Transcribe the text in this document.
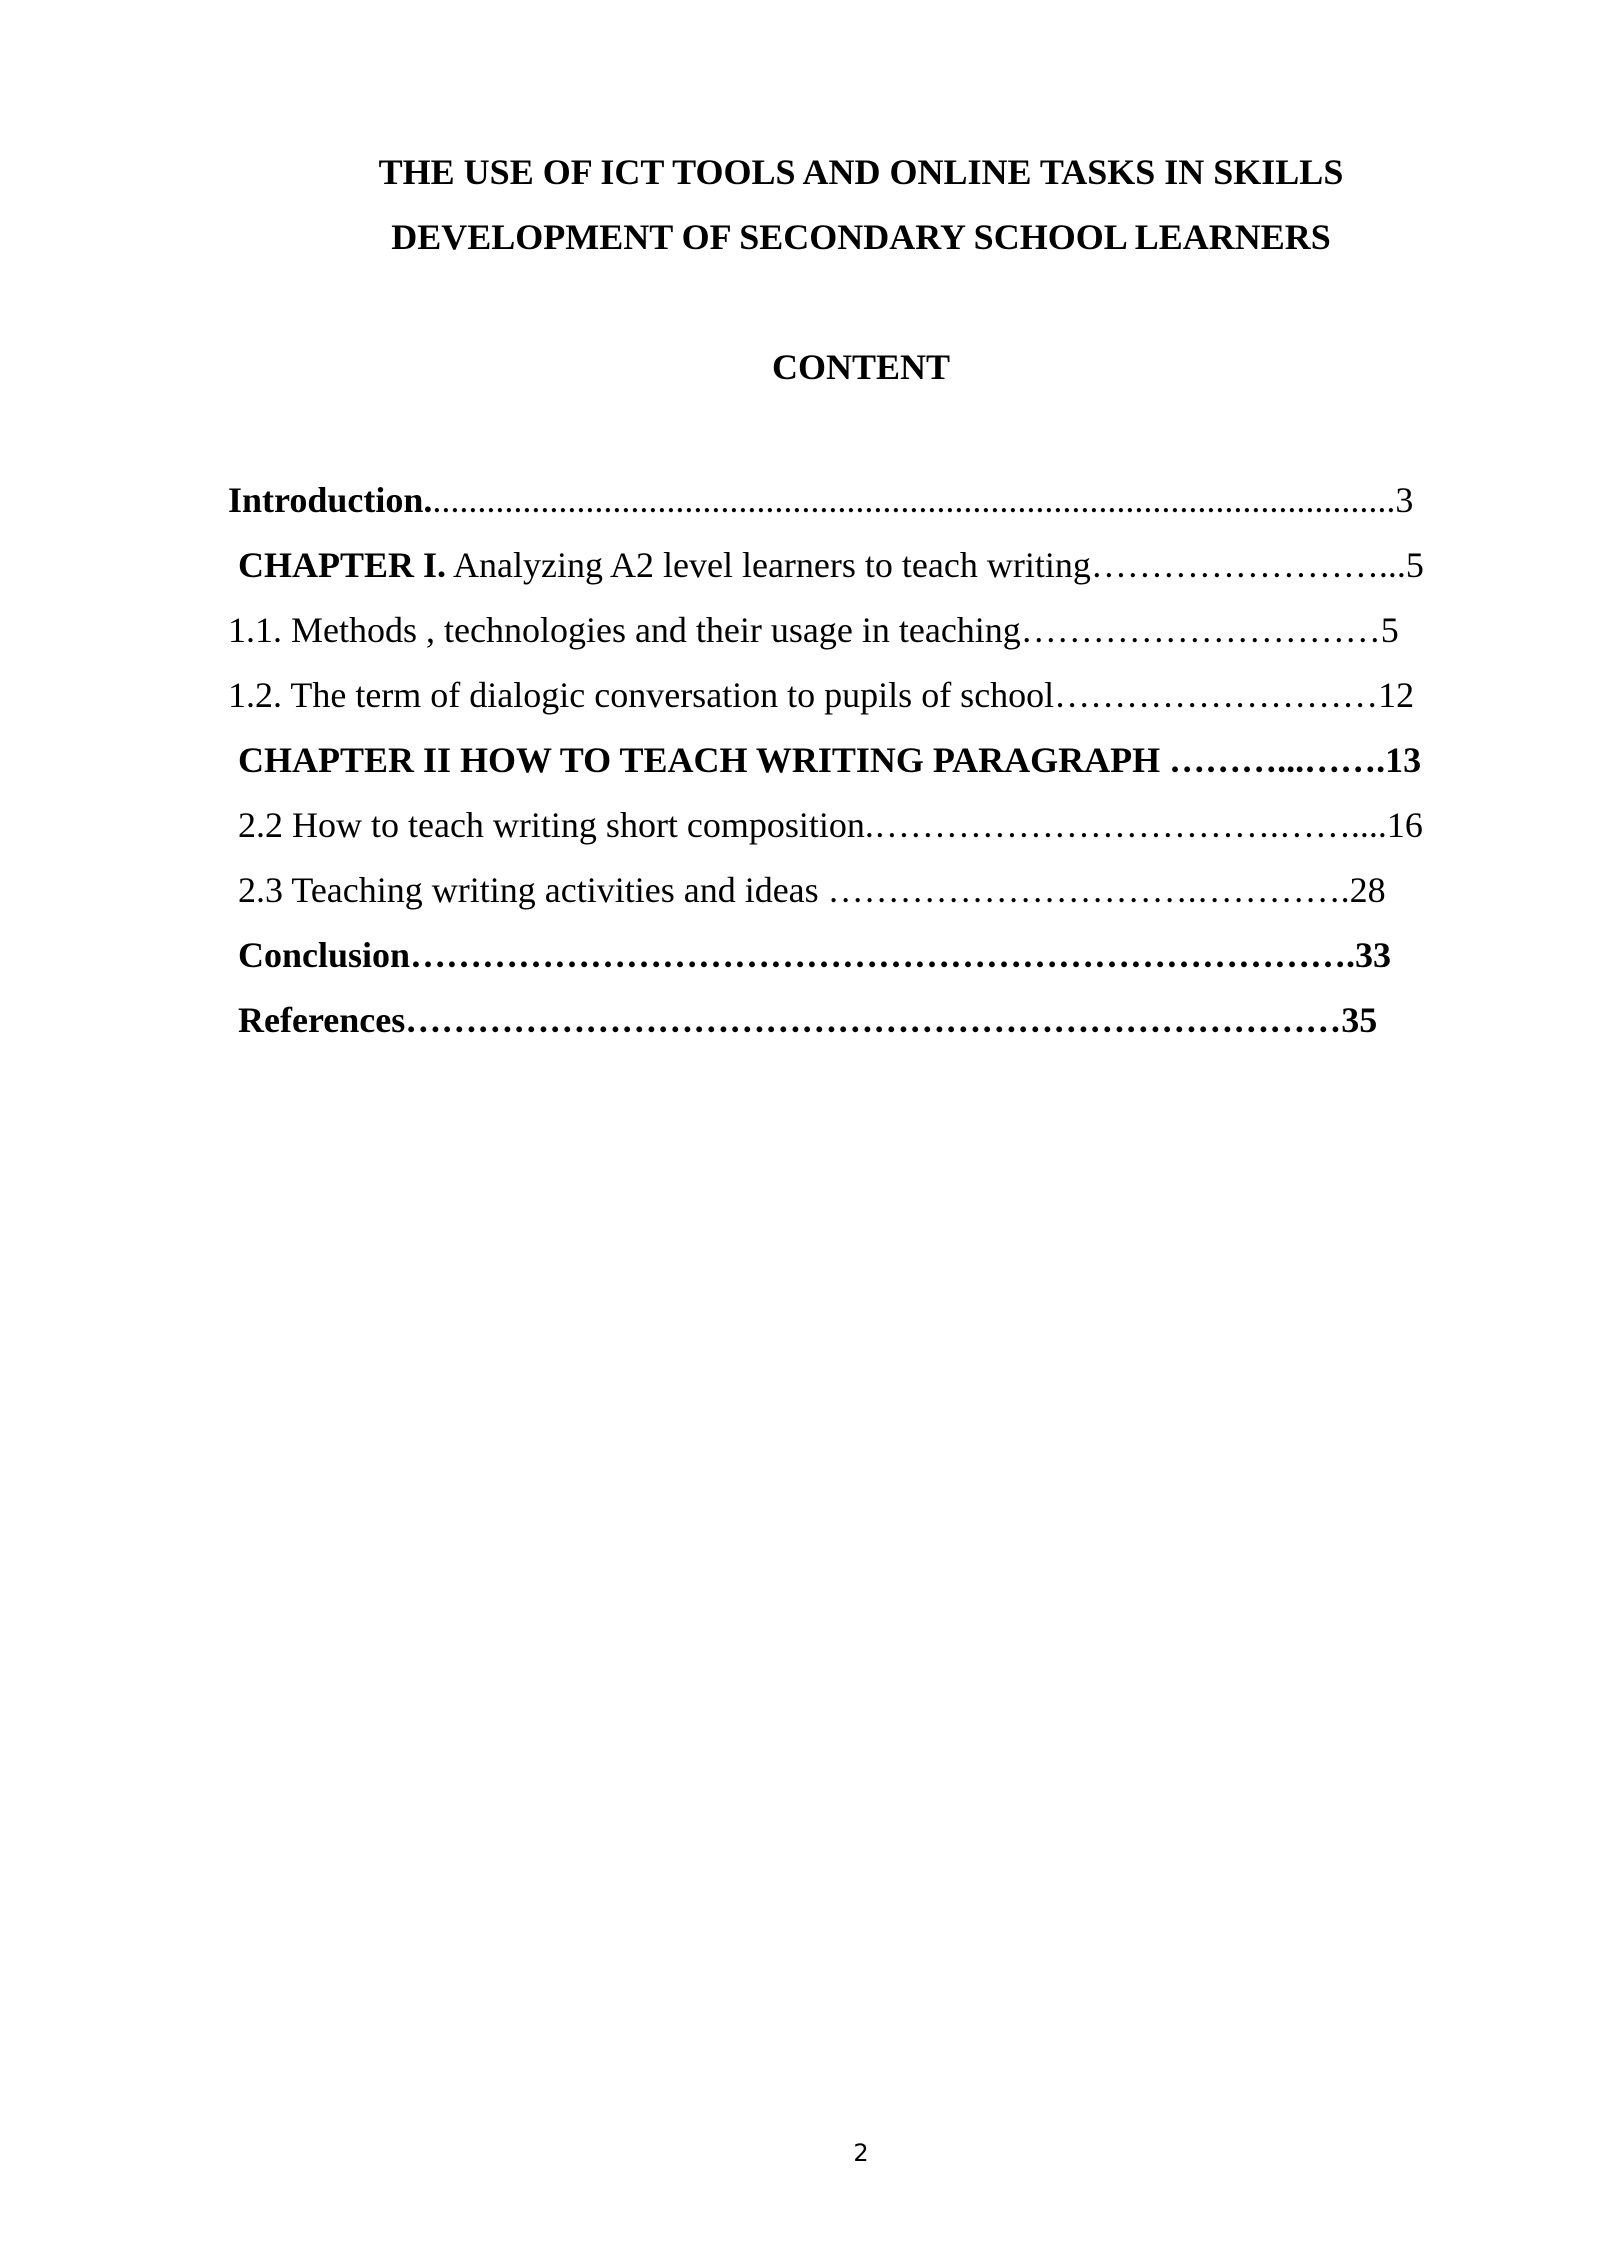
THE USE OF ICT TOOLS AND ONLINE TASKS IN SKILLS
DEVELOPMENT OF SECONDARY SCHOOL LEARNERS
CONTENT
Introduction............................................................................................................3
CHAPTER I. Analyzing A2 level learners to teach writing……………………...5
1.1. Methods , technologies and their usage in teaching…………………………5
1.2. The term of dialogic conversation to pupils of school………………………12
CHAPTER II HOW TO TEACH WRITING PARAGRAPH ………...…….13
2.2 How to teach writing short composition.…………………………….……....16
2.3 Teaching writing activities and ideas ………………………….………….28
Conclusion…………………………………………………………………….33
References……………………………………………………………………35
2
